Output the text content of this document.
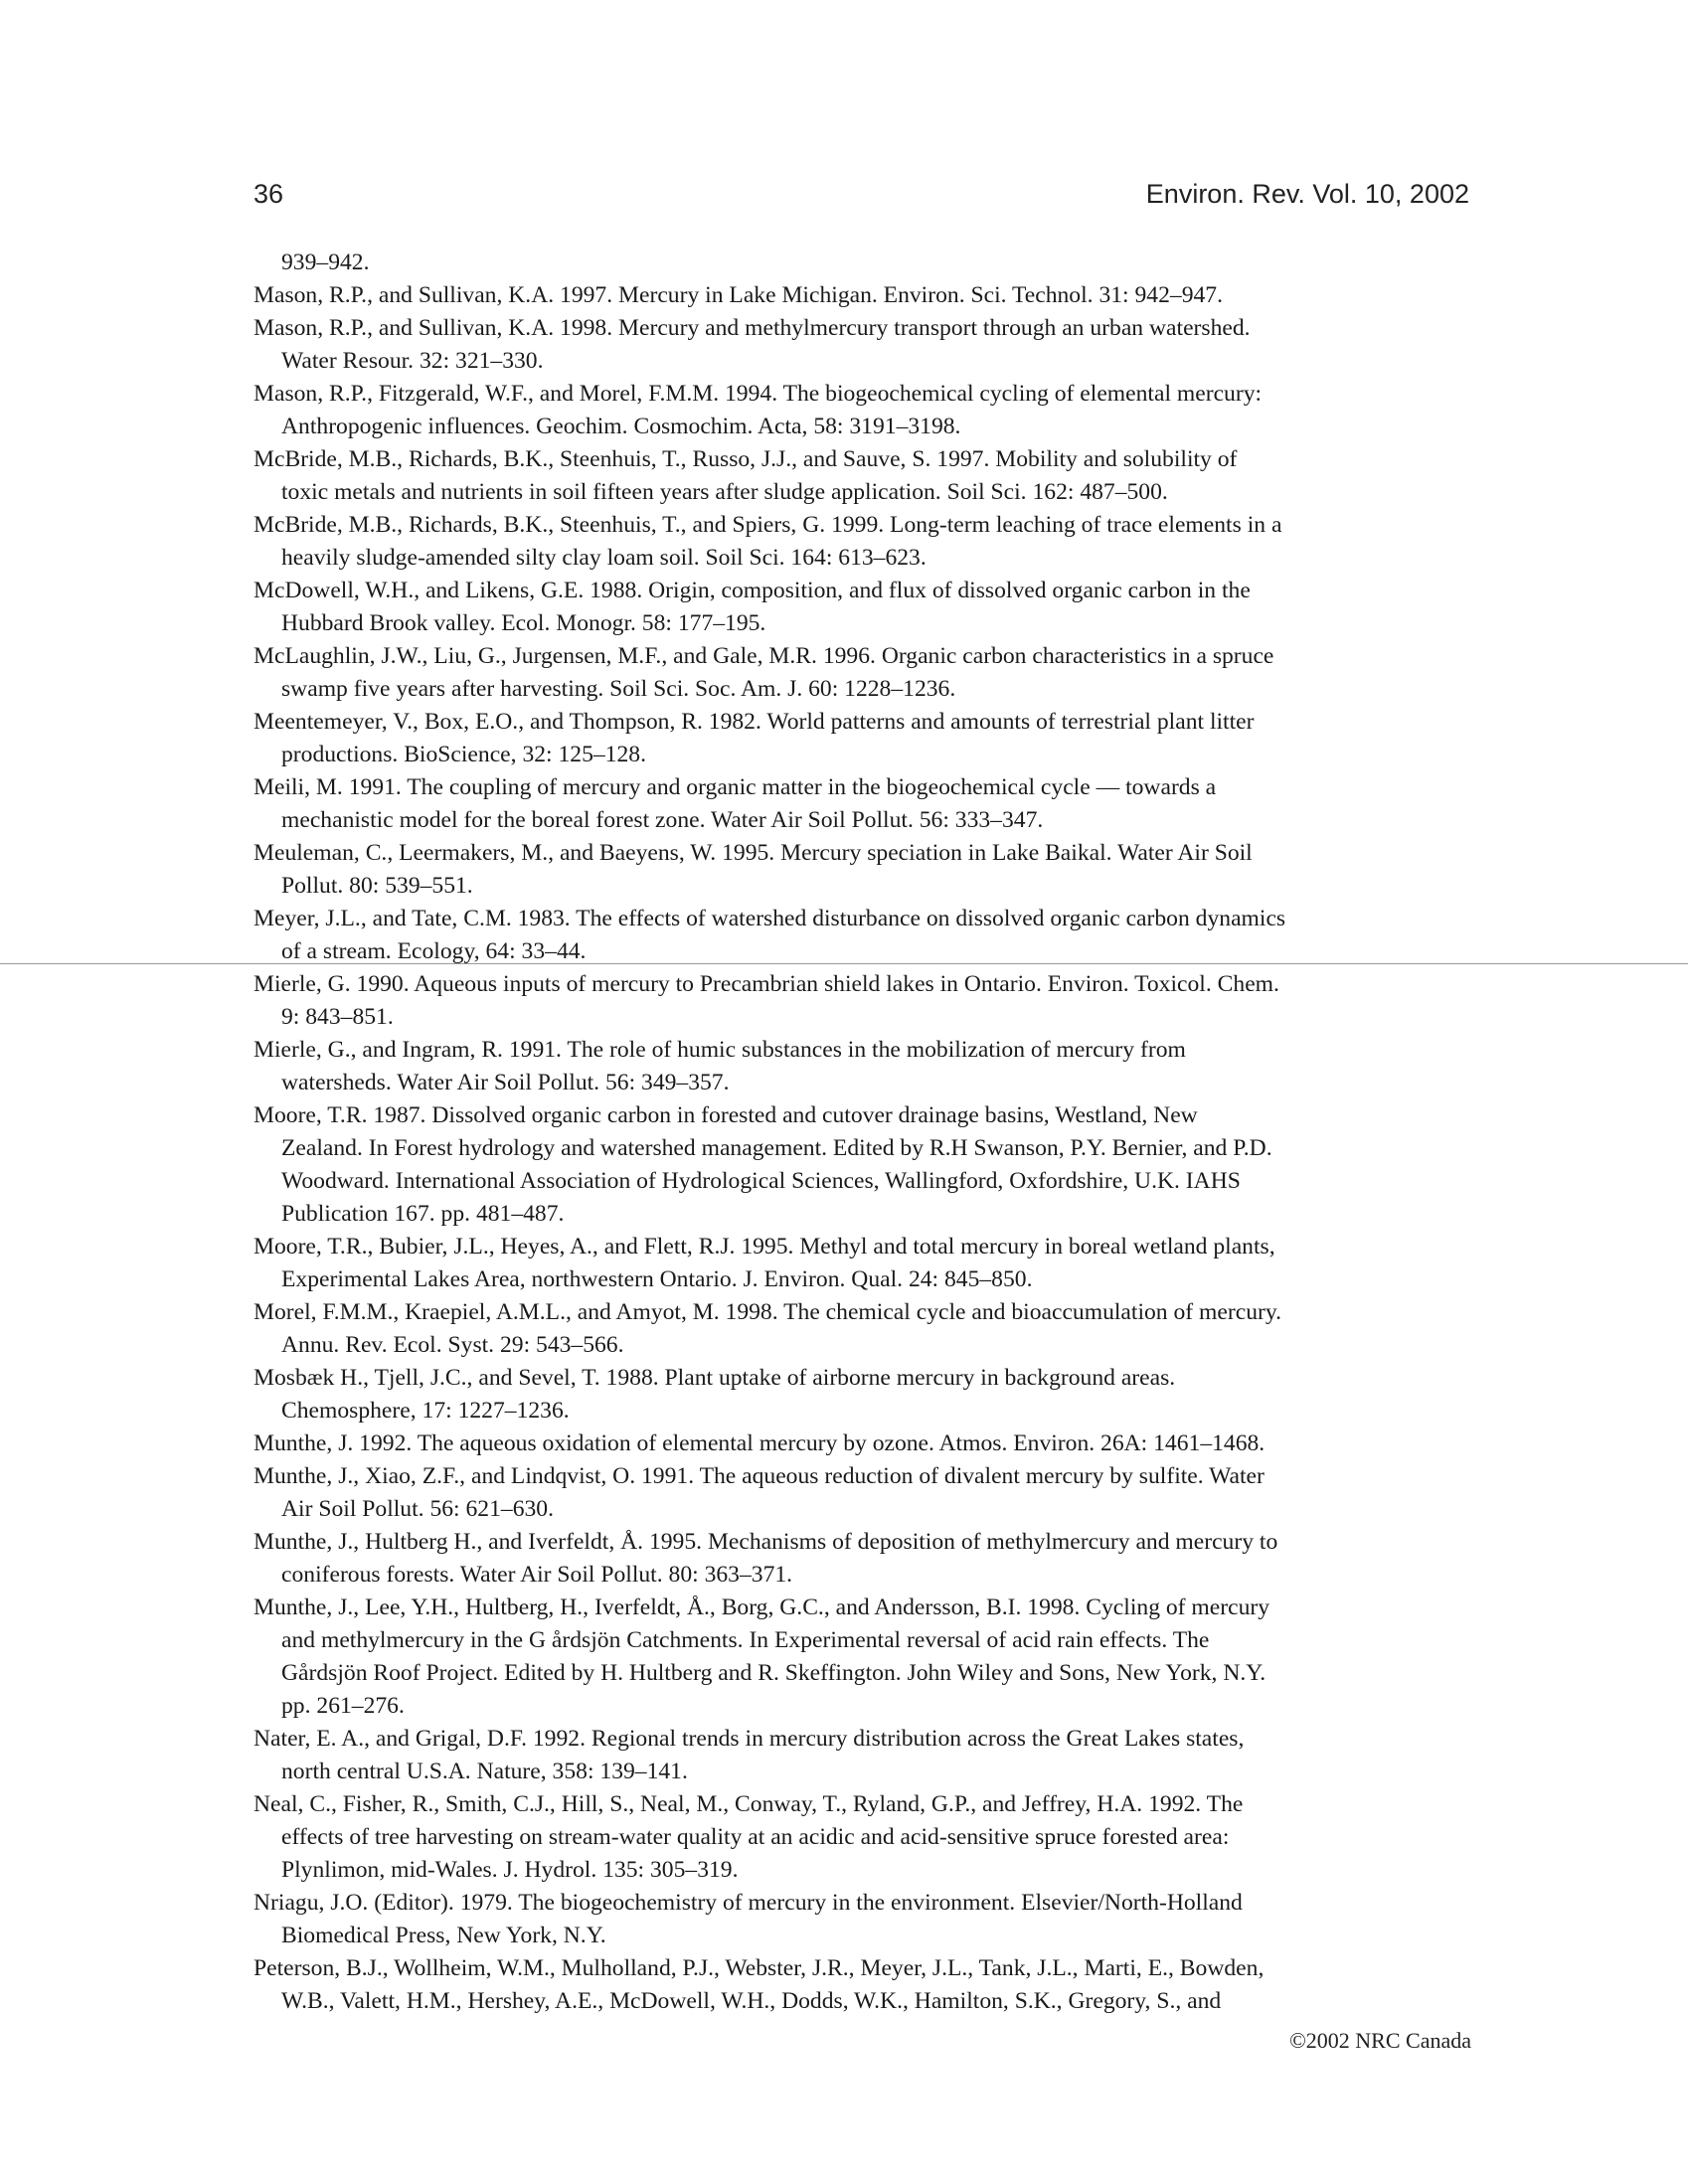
36	Environ. Rev. Vol. 10, 2002

939–942.

Mason, R.P., and Sullivan, K.A. 1997. Mercury in Lake Michigan. Environ. Sci. Technol. 31: 942–947.

Mason, R.P., and Sullivan, K.A. 1998. Mercury and methylmercury transport through an urban watershed.
Water Resour. 32: 321–330.

Mason, R.P., Fitzgerald, W.F., and Morel, F.M.M. 1994. The biogeochemical cycling of elemental mercury:
Anthropogenic influences. Geochim. Cosmochim. Acta, 58: 3191–3198.

McBride, M.B., Richards, B.K., Steenhuis, T., Russo, J.J., and Sauve, S. 1997. Mobility and solubility of
toxic metals and nutrients in soil fifteen years after sludge application. Soil Sci. 162: 487–500.

McBride, M.B., Richards, B.K., Steenhuis, T., and Spiers, G. 1999. Long-term leaching of trace elements in a
heavily sludge-amended silty clay loam soil. Soil Sci. 164: 613–623.

McDowell, W.H., and Likens, G.E. 1988. Origin, composition, and flux of dissolved organic carbon in the
Hubbard Brook valley. Ecol. Monogr. 58: 177–195.

McLaughlin, J.W., Liu, G., Jurgensen, M.F., and Gale, M.R. 1996. Organic carbon characteristics in a spruce
swamp five years after harvesting. Soil Sci. Soc. Am. J. 60: 1228–1236.

Meentemeyer, V., Box, E.O., and Thompson, R. 1982. World patterns and amounts of terrestrial plant litter
productions. BioScience, 32: 125–128.

Meili, M. 1991. The coupling of mercury and organic matter in the biogeochemical cycle — towards a
mechanistic model for the boreal forest zone. Water Air Soil Pollut. 56: 333–347.

Meuleman, C., Leermakers, M., and Baeyens, W. 1995. Mercury speciation in Lake Baikal. Water Air Soil
Pollut. 80: 539–551.

Meyer, J.L., and Tate, C.M. 1983. The effects of watershed disturbance on dissolved organic carbon dynamics
of a stream. Ecology, 64: 33–44.

Mierle, G. 1990. Aqueous inputs of mercury to Precambrian shield lakes in Ontario. Environ. Toxicol. Chem.
9: 843–851.

Mierle, G., and Ingram, R. 1991. The role of humic substances in the mobilization of mercury from
watersheds. Water Air Soil Pollut. 56: 349–357.

Moore, T.R. 1987. Dissolved organic carbon in forested and cutover drainage basins, Westland, New
Zealand. In Forest hydrology and watershed management. Edited by R.H Swanson, P.Y. Bernier, and P.D.
Woodward. International Association of Hydrological Sciences, Wallingford, Oxfordshire, U.K. IAHS
Publication 167. pp. 481–487.

Moore, T.R., Bubier, J.L., Heyes, A., and Flett, R.J. 1995. Methyl and total mercury in boreal wetland plants,
Experimental Lakes Area, northwestern Ontario. J. Environ. Qual. 24: 845–850.

Morel, F.M.M., Kraepiel, A.M.L., and Amyot, M. 1998. The chemical cycle and bioaccumulation of mercury.
Annu. Rev. Ecol. Syst. 29: 543–566.

Mosbæk H., Tjell, J.C., and Sevel, T. 1988. Plant uptake of airborne mercury in background areas.
Chemosphere, 17: 1227–1236.

Munthe, J. 1992. The aqueous oxidation of elemental mercury by ozone. Atmos. Environ. 26A: 1461–1468.

Munthe, J., Xiao, Z.F., and Lindqvist, O. 1991. The aqueous reduction of divalent mercury by sulfite. Water
Air Soil Pollut. 56: 621–630.

Munthe, J., Hultberg H., and Iverfeldt, Å. 1995. Mechanisms of deposition of methylmercury and mercury to
coniferous forests. Water Air Soil Pollut. 80: 363–371.

Munthe, J., Lee, Y.H., Hultberg, H., Iverfeldt, Å., Borg, G.C., and Andersson, B.I. 1998. Cycling of mercury
and methylmercury in the G årdsjön Catchments. In Experimental reversal of acid rain effects. The
Gårdsjön Roof Project. Edited by H. Hultberg and R. Skeffington. John Wiley and Sons, New York, N.Y.
pp. 261–276.

Nater, E. A., and Grigal, D.F. 1992. Regional trends in mercury distribution across the Great Lakes states,
north central U.S.A. Nature, 358: 139–141.

Neal, C., Fisher, R., Smith, C.J., Hill, S., Neal, M., Conway, T., Ryland, G.P., and Jeffrey, H.A. 1992. The
effects of tree harvesting on stream-water quality at an acidic and acid-sensitive spruce forested area:
Plynlimon, mid-Wales. J. Hydrol. 135: 305–319.

Nriagu, J.O. (Editor). 1979. The biogeochemistry of mercury in the environment. Elsevier/North-Holland
Biomedical Press, New York, N.Y.

Peterson, B.J., Wollheim, W.M., Mulholland, P.J., Webster, J.R., Meyer, J.L., Tank, J.L., Marti, E., Bowden,
W.B., Valett, H.M., Hershey, A.E., McDowell, W.H., Dodds, W.K., Hamilton, S.K., Gregory, S., and

©2002 NRC Canada
